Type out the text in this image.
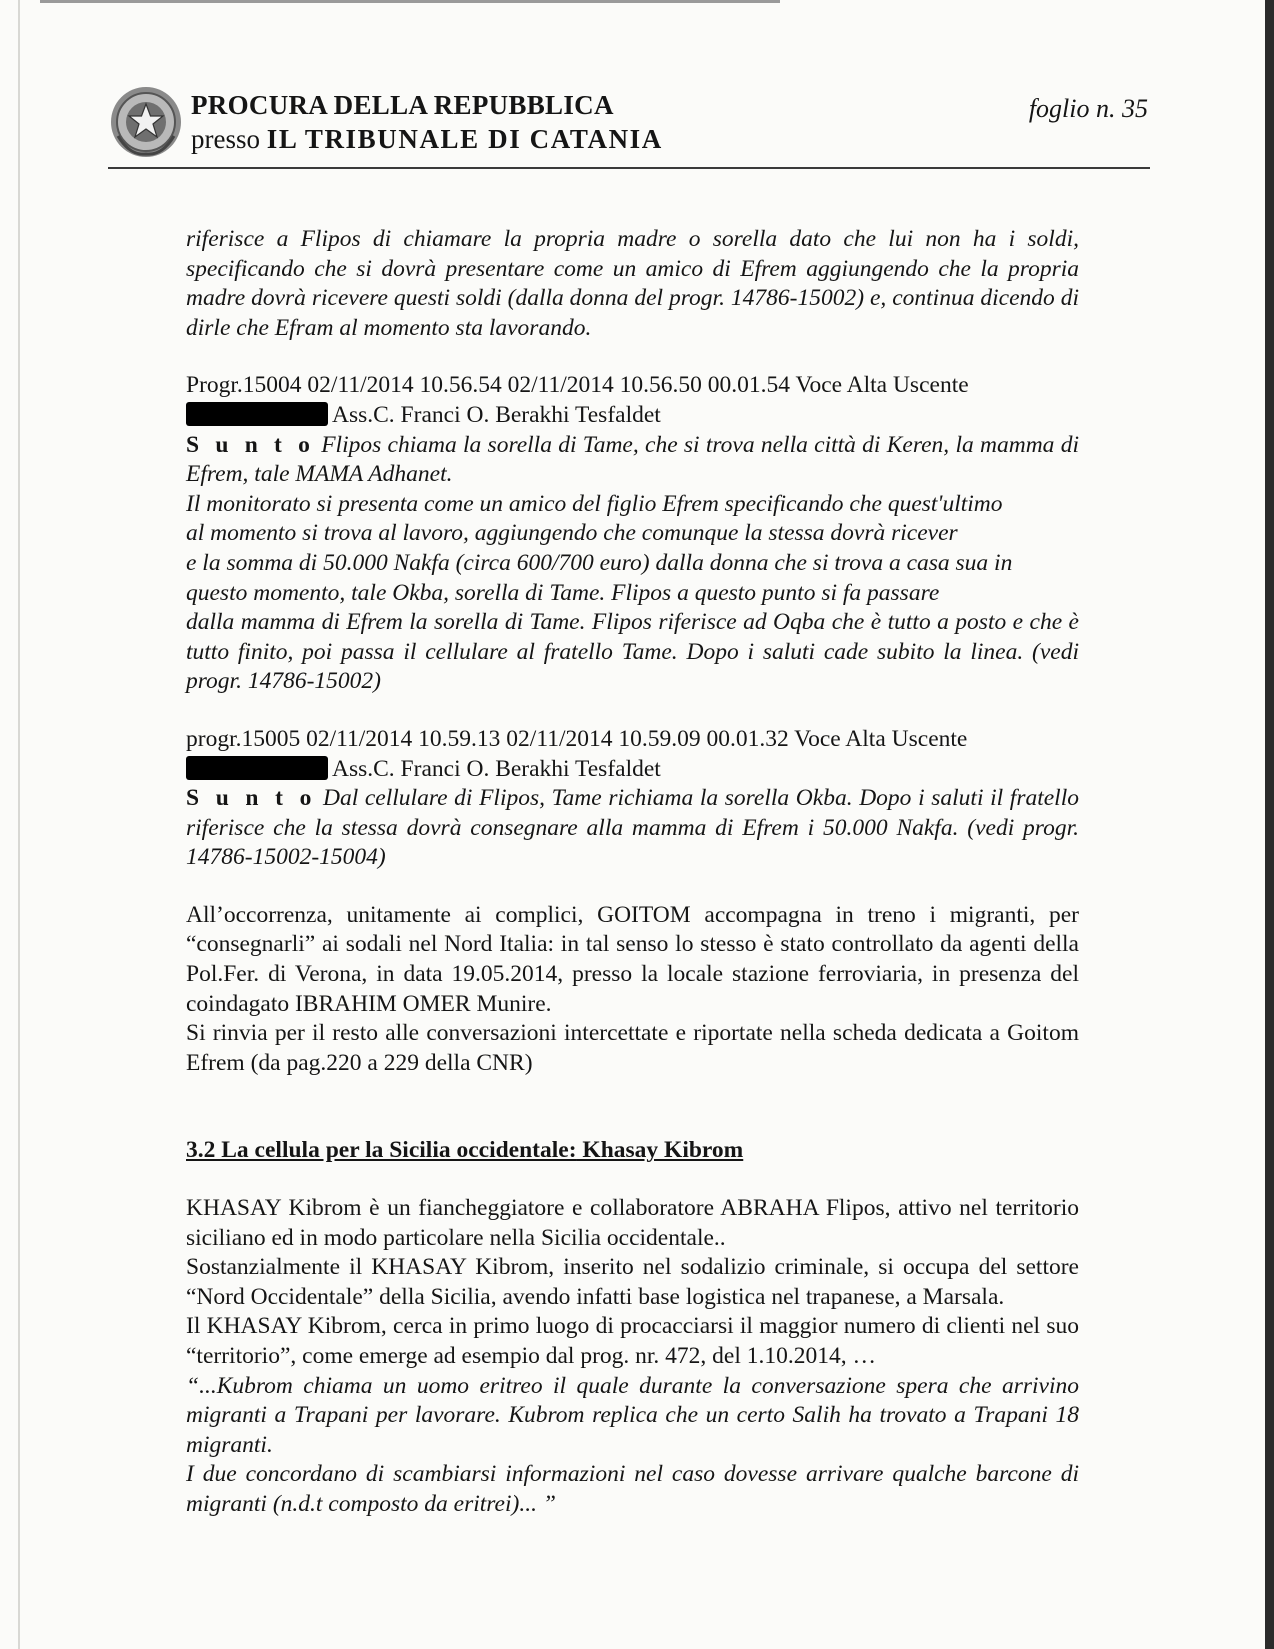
PROCURA DELLA REPUBBLICA
presso IL TRIBUNALE DI CATANIA
foglio n. 35

riferisce a Flipos di chiamare la propria madre o sorella dato che lui non ha i soldi, specificando che si dovrà presentare come un amico di Efrem aggiungendo che la propria madre dovrà ricevere questi soldi (dalla donna del progr. 14786-15002) e, continua dicendo di dirle che Efram al momento sta lavorando.

Progr.15004 02/11/2014 10.56.54 02/11/2014 10.56.50 00.01.54 Voce Alta Uscente

Ass.C. Franci O. Berakhi Tesfaldet

S u n t o Flipos chiama la sorella di Tame, che si trova nella città di Keren, la mamma di Efrem, tale MAMA Adhanet.

Il monitorato si presenta come un amico del figlio Efrem specificando che quest'ultimo

al momento si trova al lavoro, aggiungendo che comunque la stessa dovrà ricever

e la somma di 50.000 Nakfa (circa 600/700 euro) dalla donna che si trova a casa sua in

questo momento, tale Okba, sorella di Tame. Flipos a questo punto si fa passare

dalla mamma di Efrem la sorella di Tame. Flipos riferisce ad Oqba che è tutto a posto e che è tutto finito, poi passa il cellulare al fratello Tame. Dopo i saluti cade subito la linea. (vedi progr. 14786-15002)

progr.15005 02/11/2014 10.59.13 02/11/2014 10.59.09 00.01.32 Voce Alta Uscente

Ass.C. Franci O. Berakhi Tesfaldet

S u n t o Dal cellulare di Flipos, Tame richiama la sorella Okba. Dopo i saluti il fratello riferisce che la stessa dovrà consegnare alla mamma di Efrem i 50.000 Nakfa. (vedi progr. 14786-15002-15004)

All’occorrenza, unitamente ai complici, GOITOM accompagna in treno i migranti, per “consegnarli” ai sodali nel Nord Italia: in tal senso lo stesso è stato controllato da agenti della Pol.Fer. di Verona, in data 19.05.2014, presso la locale stazione ferroviaria, in presenza del coindagato IBRAHIM OMER Munire.

Si rinvia per il resto alle conversazioni intercettate e riportate nella scheda dedicata a Goitom Efrem (da pag.220 a 229 della CNR)

3.2 La cellula per la Sicilia occidentale: Khasay Kibrom

KHASAY Kibrom è un fiancheggiatore e collaboratore ABRAHA Flipos, attivo nel territorio siciliano ed in modo particolare nella Sicilia occidentale..

Sostanzialmente il KHASAY Kibrom, inserito nel sodalizio criminale, si occupa del settore “Nord Occidentale” della Sicilia, avendo infatti base logistica nel trapanese, a Marsala.

Il KHASAY Kibrom, cerca in primo luogo di procacciarsi il maggior numero di clienti nel suo “territorio”, come emerge ad esempio dal prog. nr. 472, del 1.10.2014, …

“...Kubrom chiama un uomo eritreo il quale durante la conversazione spera che arrivino migranti a Trapani per lavorare. Kubrom replica che un certo Salih ha trovato a Trapani 18 migranti.

I due concordano di scambiarsi informazioni nel caso dovesse arrivare qualche barcone di migranti (n.d.t composto da eritrei)... ”
